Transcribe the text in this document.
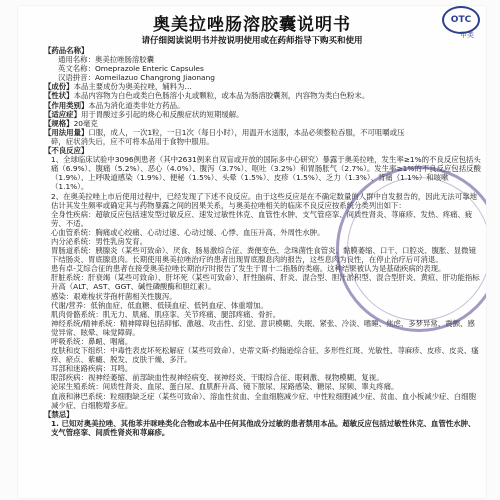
奥美拉唑肠溶胶囊说明书	OTC
甲类
请仔细阅读说明书并按说明使用或在药师指导下购买和使用
【药品名称】
通用名称：奥美拉唑肠溶胶囊
英文名称：Omeprazole Enteric Capsules
汉语拼音：Aomeilazuo Changrong Jiaonang
【成份】本品主要成份为奥美拉唑，辅料为…
【性状】本品内容物为白色或类白色肠溶小丸或颗粒，或本品为肠溶胶囊剂，内容物为类白色粉末。
【作用类别】本品为消化道类非处方药品。
【适应症】用于胃酸过多引起的烧心和反酸症状的短期缓解。
【规格】20毫克
【用法用量】口服，成人，一次1粒，一日1次（每日小时），用温开水送服，本品必须整粒吞服，不可咀嚼或压
碎，症状消失后，应不可将本品用于食物中服用。
【不良反应】
1、全球临床试验中3096例患者（其中2631例来自双盲或开放的国际多中心研究）暴露于奥美拉唑，发生率≥1%的不良反应包括头痛（6.9%）、腹痛（5.2%）、恶心（4.0%）、腹泻（3.7%）、呕吐（3.2%）和胃肠胀气（2.7%）。发生率≥1%的不良反应包括反酸（1.9%）、上呼吸道感染（1.9%）、便秘（1.5%）、头晕（1.5%）、皮疹（1.5%）、乏力（1.3%）、背痛（1.1%）和咳嗽（1.1%）。
2、在奥美拉唑上市后使用过程中，已经发现了下述不良反应。由于这些反应是在不确定数量的人群中自发报告的，因此无法可靠地估计其发生频率或确定其与药物暴露之间的因果关系，与奥美拉唑相关的临床不良反应按系统分类列出如下：
全身性疾病：超敏反应包括速发型过敏反应、速发过敏性休克、血管性水肿、支气管痉挛、间质性肾炎、荨麻疹、发热、疼痛、疲劳、不适。
心血管系统：胸痛或心绞痛、心动过速、心动过缓、心悸、血压升高、外周性水肿。
内分泌系统：男性乳房发育。
胃肠道系统：胰腺炎（某些可致命）、厌食、肠易激综合征、粪便变色、念珠菌性食管炎、黏膜萎缩、口干、口腔炎、腹胀、显微镜下结肠炎、胃底腺息肉。长期使用奥美拉唑治疗的患者出现胃底腺息肉的报告，这些息肉为良性，在停止治疗后可消退。
患有卓-艾综合征的患者在接受奥美拉唑长期治疗时报告了发生于胃十二指肠的类癌。这种结果被认为是基础疾病的表现。
肝脏系统：肝衰竭（某些可致命）、肝坏死（某些可致命）、肝性脑病、肝炎、混合型、胆汁淤积型、混合型肝炎、黄疸、肝功能指标升高（ALT、AST、GGT、碱性磷酸酶和胆红素）。
感染：艰难梭状芽孢杆菌相关性腹泻。
代谢/营养：低钠血症、低血糖、低镁血症、低钙血症、体重增加。
肌肉骨骼系统：肌无力、肌痛、肌痉挛、关节疼痛、腿部疼痛、骨折。
神经系统/精神系统：精神障碍包括抑郁、激越、攻击性、幻觉、意识模糊、失眠、紧张、冷淡、嗜睡、焦虑、多梦异常、震颤、感觉异常、眩晕、味觉障碍。
呼吸系统：鼻衄、咽痛。
皮肤和皮下组织：中毒性表皮坏死松解症（某些可致命）、史蒂文斯-约翰逊综合征、多形性红斑、光敏性、荨麻疹、皮疹、皮炎、瘙痒、瘀点、紫癜、脱发、皮肤干燥、多汗。
耳部和迷路疾病：耳鸣。
眼部疾病：视神经萎缩、前部缺血性视神经病变、视神经炎、干眼综合征、眼刺激、视物模糊、复视。
泌尿生殖系统：间质性肾炎、血尿、蛋白尿、血肌酐升高、镜下脓尿、尿路感染、糖尿、尿频、睾丸疼痛。
血液和淋巴系统：粒细胞缺乏症（某些可致命）、溶血性贫血、全血细胞减少症、中性粒细胞减少症、贫血、血小板减少症、白细胞减少症、白细胞增多症。
【禁忌】
1. 已知对奥美拉唑、其他苯并咪唑类化合物或本品中任何其他成分过敏的患者禁用本品。超敏反应包括过敏性休克、血管性水肿、支气管痉挛、间质性肾炎和荨麻疹。
